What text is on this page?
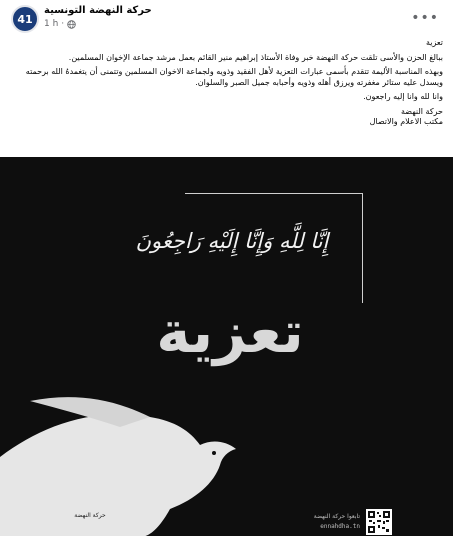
41
حركة النهضة التونسية
1 h ·	•••
تعزية
ببالغ الحزن والأسى تلقت حركة النهضة خبر وفاة الأستاذ إبراهيم منير القائم بعمل مرشد جماعة الإخوان المسلمين.
وبهذه المناسبة الأليمة تتقدم بأسمى عبارات التعزية لأهل الفقيد وذويه ولجماعة الاخوان المسلمين وتتمنى أن يتغمدهُ الله برحمته ويسدل عليه ستائر مغفرته ويرزق أهله وذويه وأحبابه جميل الصبر والسلوان.
وانا لله وانا إليه راجعون.
حركة النهضة
مكتب الاعلام والاتصال
إِنَّا لِلَّهِ وَإِنَّا إِلَيْهِ رَاجِعُونَ
تعزية
حركة النهضة	تابعوا حركة النهضة
ennahdha.tn
